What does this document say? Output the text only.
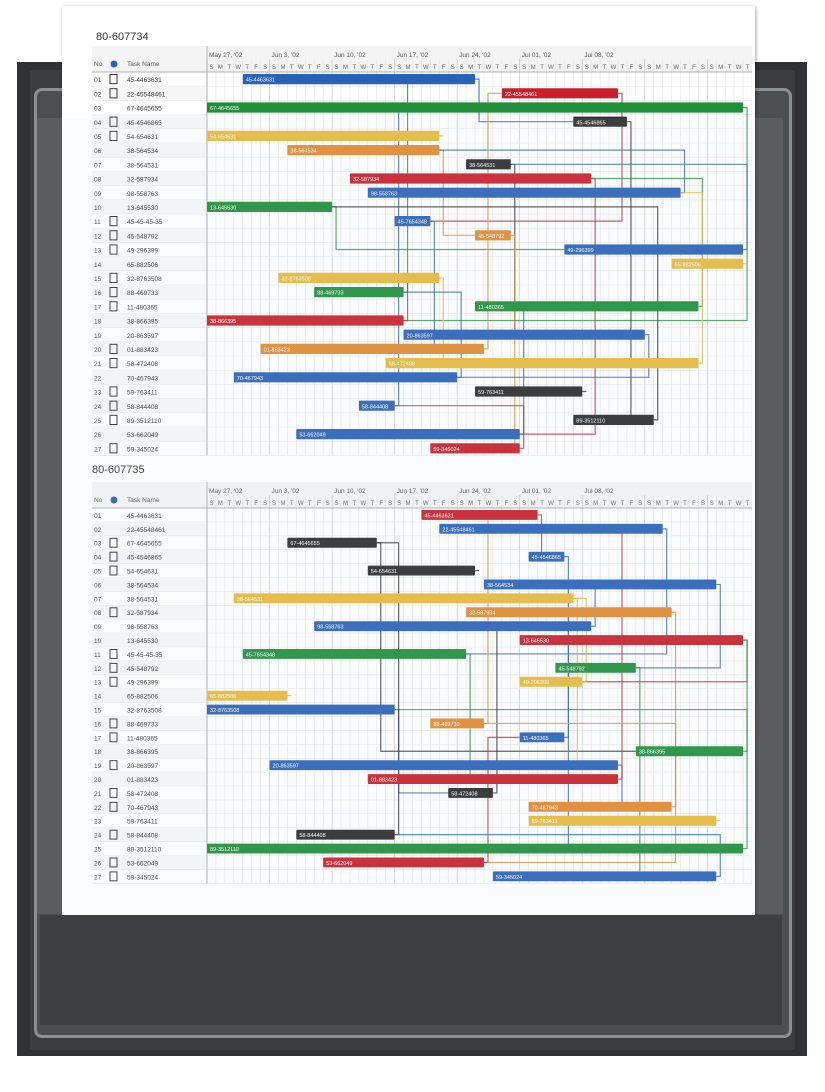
80-607734
S M T W T F S S M T W T F S S M T W T F S S M T W T F S S M T W T F S S M T W T F S S M T W T F S S M T W T F S S M T W T
May 27, '02	Jun 3, '02	Jun 10, '02	Jun 17, '02	Jun 24, '02	Jul 01, '02	Jul 08, '02
No	Task Name
01	45-4463631
02	22-45548461
03	67-4645655
04	45-4546865
05	54-654631
06	38-564534
07	38-564531
08	32-587934
09	98-558763
10	13-645530
11	45-45-45-35
12	45-548792
13	49-296399
14	65-882506
15	32-8763508
16	88-469733
17	11-480365
18	38-866395
19	20-863597
20	01-883423
21	58-472408
22	70-467943
23	59-763411
24	58-844408
25	89-3512110
26	53-662049
27	59-345024
45-4463631
22-45548461
67-4645655
45-4546865
54-654631
38-564534
38-564531
32-587934
98-558763
13-645530
45-7654348
45-548792
49-296399
65-882506
32-8763508
88-469733
11-480365
38-866395
20-863597
01-883423
58-472408
70-467943
59-763411
58-844408
89-3512110
53-662049
59-345024
80-607735
S M T W T F S S M T W T F S S M T W T F S S M T W T F S S M T W T F S S M T W T F S S M T W T F S S M T W T F S S M T W T
May 27, '02	Jun 3, '02	Jun 10, '02	Jun 17, '02	Jun 24, '02	Jul 01, '02	Jul 08, '02
No	Task Name
01	45-4463631
02	22-45548461
03	67-4645655
04	45-4546865
05	54-654631
06	38-564534
07	38-564531
08	32-587934
09	98-558763
10	13-645530
11	45-45-45-35
12	45-548792
13	49-296399
14	65-882506
15	32-8763508
16	88-469733
17	11-480365
18	38-866395
19	20-863597
20	01-883423
21	58-472408
22	70-467943
23	59-763411
24	58-844408
25	89-3512110
26	53-662049
27	59-345024
45-4463631
22-45548461
67-4645655
45-4546865
54-654631
38-564534
38-564531
32-587934
98-558763
13-645530
45-7654348
45-548792
49-296399
65-882506
32-8763508
88-469733
11-480365
38-866395
20-863597
01-883423
58-472408
70-467943
59-763411
58-844408
89-3512110
53-662049
59-345024
